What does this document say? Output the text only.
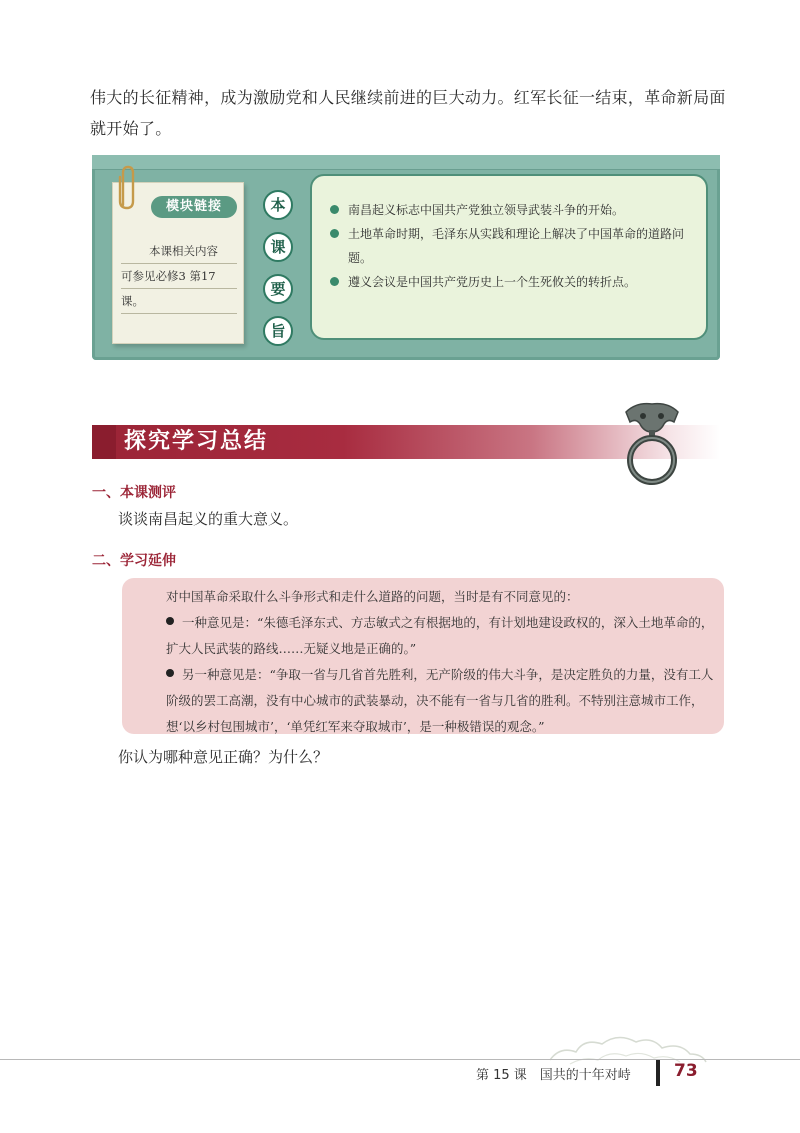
伟大的长征精神，成为激励党和人民继续前进的巨大动力。红军长征一结束，革命新局面
就开始了。
模块链接
本课相关内容
可参见必修3 第17
课。
本
课
要
旨
南昌起义标志中国共产党独立领导武装斗争的开始。
土地革命时期，毛泽东从实践和理论上解决了中国革命的道路问题。
遵义会议是中国共产党历史上一个生死攸关的转折点。
探究学习总结
一、本课测评
谈谈南昌起义的重大意义。
二、学习延伸

对中国革命采取什么斗争形式和走什么道路的问题，当时是有不同意见的：

一种意见是：“朱德毛泽东式、方志敏式之有根据地的，有计划地建设政权的，深入土地革命的，扩大人民武装的路线……无疑义地是正确的。”

另一种意见是：“争取一省与几省首先胜利，无产阶级的伟大斗争，是决定胜负的力量，没有工人阶级的罢工高潮，没有中心城市的武装暴动，决不能有一省与几省的胜利。不特别注意城市工作，想‘以乡村包围城市’，‘单凭红军来夺取城市’，是一种极错误的观念。”

你认为哪种意见正确？为什么？
第 15 课　国共的十年对峙	73
